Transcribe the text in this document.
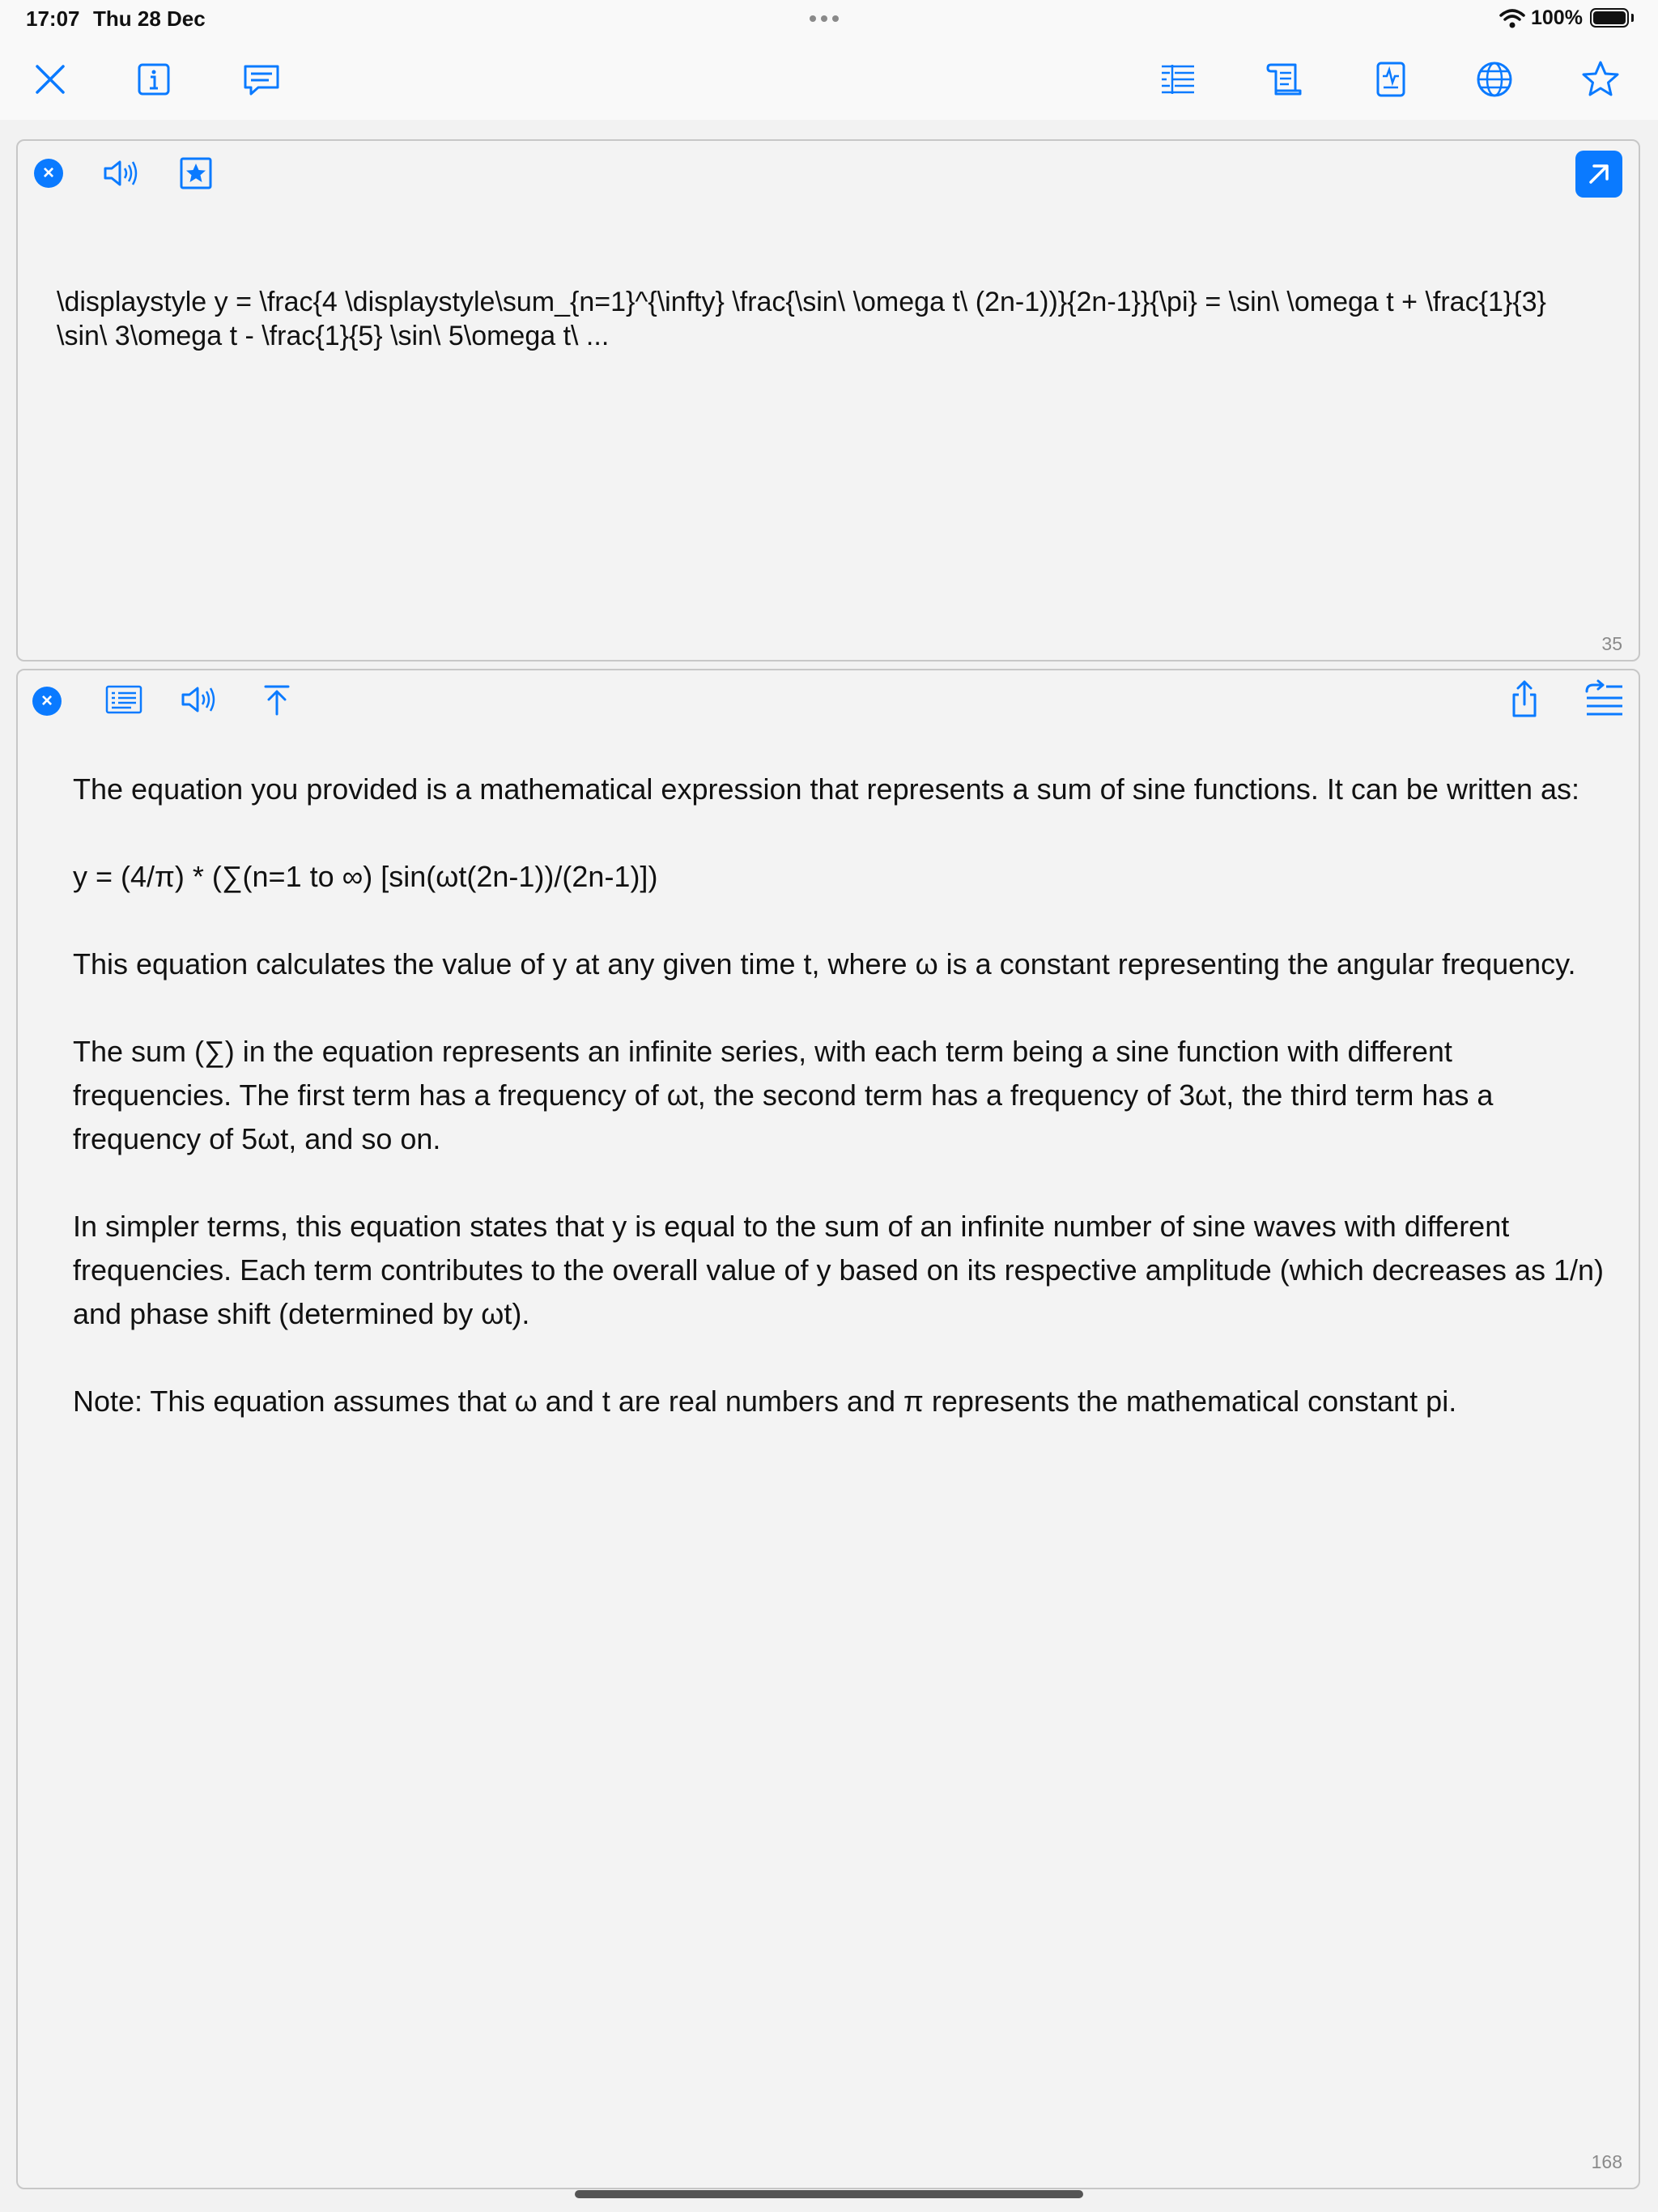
17:07 Thu 28 Dec	100%
×
\displaystyle y = \frac{4 \displaystyle\sum_{n=1}^{\infty} \frac{\sin\ \omega t\ (2n-1))}{2n-1}}{\pi} = \sin\ \omega t + \frac{1}{3} \sin\ 3\omega t - \frac{1}{5} \sin\ 5\omega t\ ...
35
×

The equation you provided is a mathematical expression that represents a sum of sine functions. It can be written as:

y = (4/π) * (∑(n=1 to ∞) [sin(ωt(2n-1))/(2n-1)])

This equation calculates the value of y at any given time t, where ω is a constant representing the angular frequency.

The sum (∑) in the equation represents an infinite series, with each term being a sine function with different frequencies. The first term has a frequency of ωt, the second term has a frequency of 3ωt, the third term has a frequency of 5ωt, and so on.

In simpler terms, this equation states that y is equal to the sum of an infinite number of sine waves with different frequencies. Each term contributes to the overall value of y based on its respective amplitude (which decreases as 1/n) and phase shift (determined by ωt).

Note: This equation assumes that ω and t are real numbers and π represents the mathematical constant pi.

168
